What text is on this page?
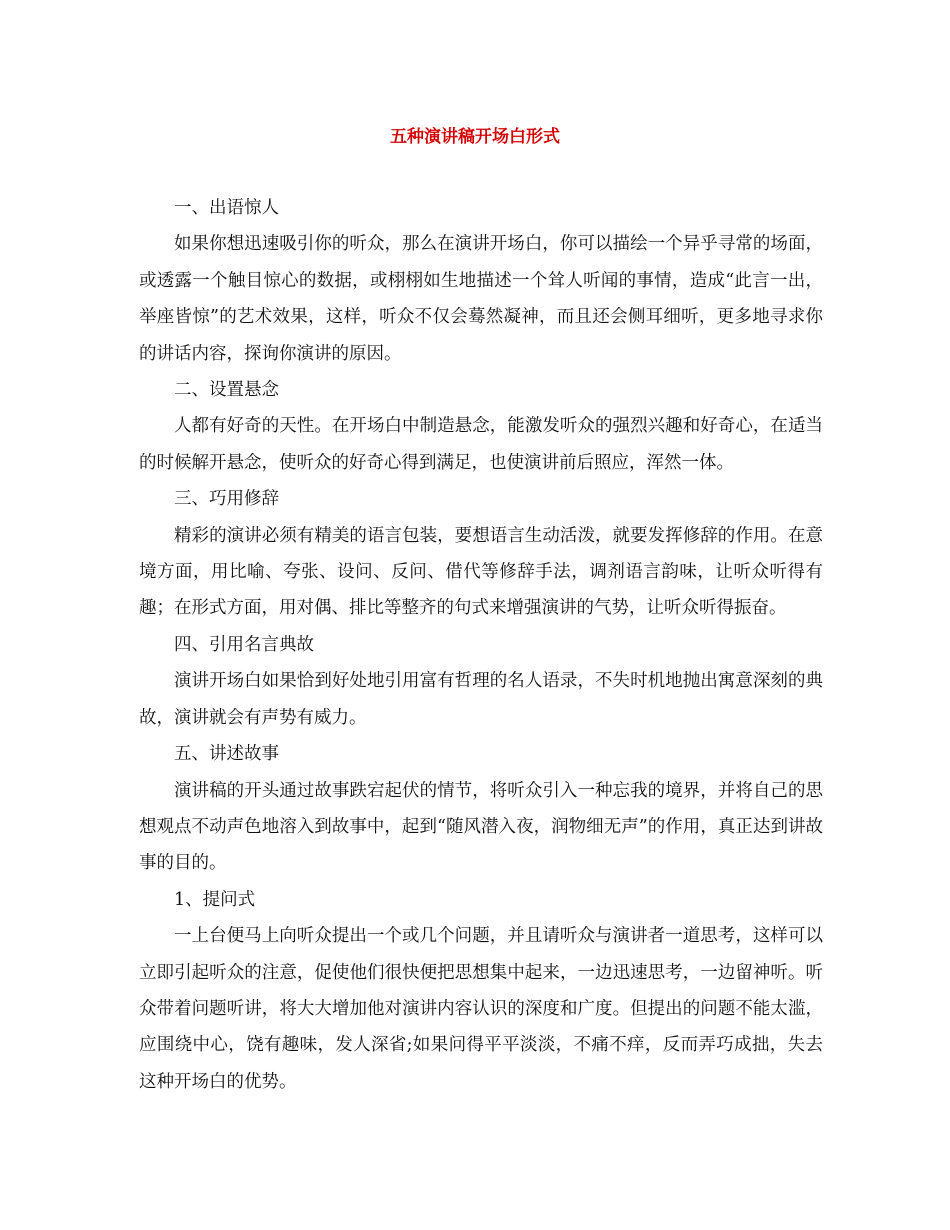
五种演讲稿开场白形式

一、出语惊人

如果你想迅速吸引你的听众，那么在演讲开场白，你可以描绘一个异乎寻常的场面，或透露一个触目惊心的数据，或栩栩如生地描述一个耸人听闻的事情，造成“此言一出，举座皆惊”的艺术效果，这样，听众不仅会蓦然凝神，而且还会侧耳细听，更多地寻求你的讲话内容，探询你演讲的原因。

二、设置悬念

人都有好奇的天性。在开场白中制造悬念，能激发听众的强烈兴趣和好奇心，在适当的时候解开悬念，使听众的好奇心得到满足，也使演讲前后照应，浑然一体。

三、巧用修辞

精彩的演讲必须有精美的语言包装，要想语言生动活泼，就要发挥修辞的作用。在意境方面，用比喻、夸张、设问、反问、借代等修辞手法，调剂语言韵味，让听众听得有趣；在形式方面，用对偶、排比等整齐的句式来增强演讲的气势，让听众听得振奋。

四、引用名言典故

演讲开场白如果恰到好处地引用富有哲理的名人语录，不失时机地抛出寓意深刻的典故，演讲就会有声势有威力。

五、讲述故事

演讲稿的开头通过故事跌宕起伏的情节，将听众引入一种忘我的境界，并将自己的思想观点不动声色地溶入到故事中，起到“随风潜入夜，润物细无声”的作用，真正达到讲故事的目的。

1、提问式

一上台便马上向听众提出一个或几个问题，并且请听众与演讲者一道思考，这样可以立即引起听众的注意，促使他们很快便把思想集中起来，一边迅速思考，一边留神听。听众带着问题听讲，将大大增加他对演讲内容认识的深度和广度。但提出的问题不能太滥，应围绕中心，饶有趣味，发人深省;如果问得平平淡淡，不痛不痒，反而弄巧成拙，失去这种开场白的优势。
